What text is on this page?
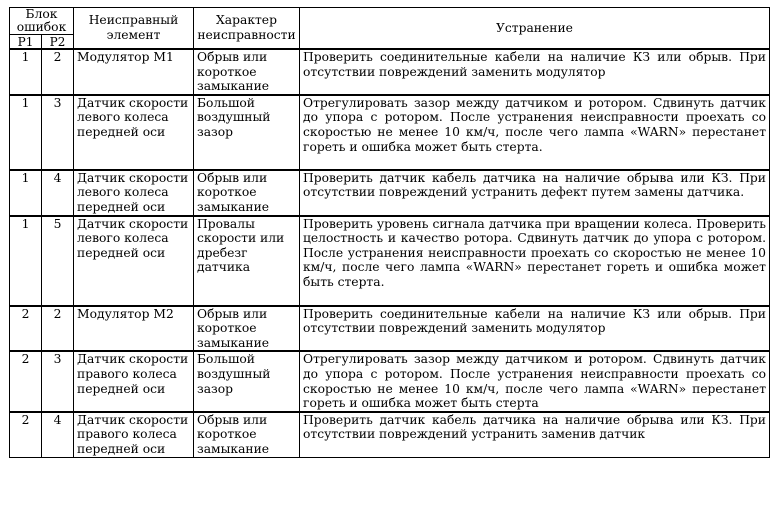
Блок ошибок		Неисправный элемент	Характер неисправности	Устранение
P1	P2			
1	2	Модулятор М1	Обрыв или короткое замыкание	Проверить соединительные кабели на наличие КЗ или обрыв. При отсутствии повреждений заменить модулятор
1	3	Датчик скорости левого колеса передней оси	Большой воздушный зазор	Отрегулировать зазор между датчиком и ротором. Сдвинуть датчик до упора с ротором. После устранения неисправности проехать со скоростью не менее 10 км/ч, после чего лампа «WARN» перестанет гореть и ошибка может быть стерта.
1	4	Датчик скорости левого колеса передней оси	Обрыв или короткое замыкание	Проверить датчик кабель датчика на наличие обрыва или КЗ. При отсутствии повреждений устранить дефект путем замены датчика.
1	5	Датчик скорости левого колеса передней оси	Провалы скорости или дребезг датчика	Проверить уровень сигнала датчика при вращении колеса. Проверить целостность и качество ротора. Сдвинуть датчик до упора с ротором. После устранения неисправности проехать со скоростью не менее 10 км/ч, после чего лампа «WARN» перестанет гореть и ошибка может быть стерта.
2	2	Модулятор М2	Обрыв или короткое замыкание	Проверить соединительные кабели на наличие КЗ или обрыв. При отсутствии повреждений заменить модулятор
2	3	Датчик скорости правого колеса передней оси	Большой воздушный зазор	Отрегулировать зазор между датчиком и ротором. Сдвинуть датчик до упора с ротором. После устранения неисправности проехать со скоростью не менее 10 км/ч, после чего лампа «WARN» перестанет гореть и ошибка может быть стерта
2	4	Датчик скорости правого колеса передней оси	Обрыв или короткое замыкание	Проверить датчик кабель датчика на наличие обрыва или КЗ. При отсутствии повреждений устранить заменив датчик
